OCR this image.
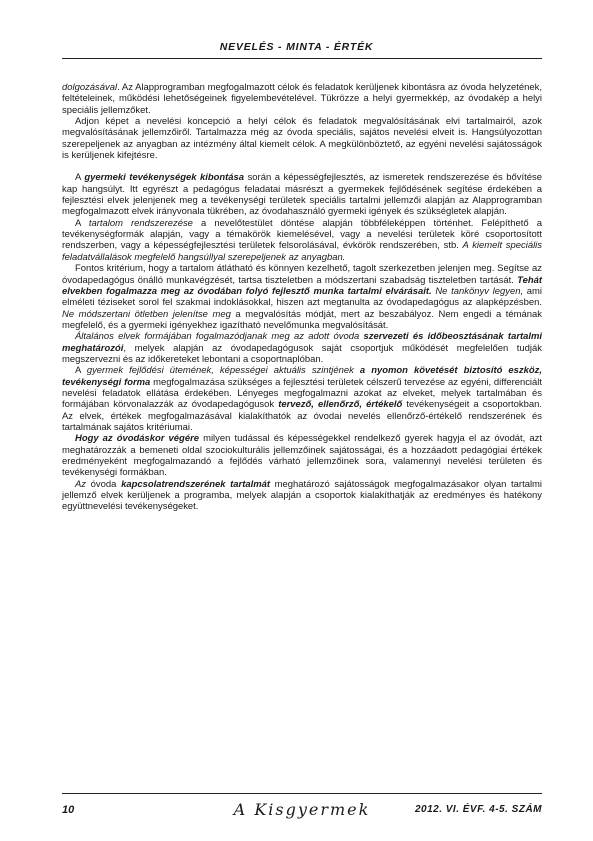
NEVELÉS - MINTA - ÉRTÉK

dolgozásával. Az Alapprogramban megfogalmazott célok és feladatok kerüljenek kibontásra az óvoda helyzetének, feltételeinek, működési lehetőségeinek figyelembevételével. Tükrözze a helyi gyermekkép, az óvodakép a helyi speciális jellemzőket.

Adjon képet a nevelési koncepció a helyi célok és feladatok megvalósításának elvi tartalmairól, azok megvalósításának jellemzőiről. Tartalmazza még az óvoda speciális, sajátos nevelési elveit is. Hangsúlyozottan szerepeljenek az anyagban az intézmény által kiemelt célok. A megkülönböztető, az egyéni nevelési sajátosságok is kerüljenek kifejtésre.

A gyermeki tevékenységek kibontása során a képességfejlesztés, az ismeretek rendszerezése és bővítése kap hangsúlyt. Itt egyrészt a pedagógus feladatai másrészt a gyermekek fejlődésének segítése érdekében a fejlesztési elvek jelenjenek meg a tevékenységi területek speciális tartalmi jellemzői alapján az Alapprogramban megfogalmazott elvek irányvonala tükrében, az óvodahasználó gyermeki igények és szükségletek alapján.

A tartalom rendszerezése a nevelőtestület döntése alapján többféleképpen történhet. Felépíthető a tevékenységformák alapján, vagy a témakörök kiemelésével, vagy a nevelési területek köré csoportosított rendszerben, vagy a képességfejlesztési területek felsorolásával, évkörök rendszerében, stb. A kiemelt speciális feladatvállalások megfelelő hangsúllyal szerepeljenek az anyagban.

Fontos kritérium, hogy a tartalom átlátható és könnyen kezelhető, tagolt szerkezetben jelenjen meg. Segítse az óvodapedagógus önálló munkavégzését, tartsa tiszteletben a módszertani szabadság tiszteletben tartását. Tehát elvekben fogalmazza meg az óvodában folyó fejlesztő munka tartalmi elvárásait. Ne tankönyv legyen, ami elméleti téziseket sorol fel szakmai indoklásokkal, hiszen azt megtanulta az óvodapedagógus az alapképzésben. Ne módszertani ötletben jelenítse meg a megvalósítás módját, mert az beszabályoz. Nem engedi a témának megfelelő, és a gyermeki igényekhez igazítható nevelőmunka megvalósítását.

Általános elvek formájában fogalmazódjanak meg az adott óvoda szervezeti és időbeosztásának tartalmi meghatározói, melyek alapján az óvodapedagógusok saját csoportjuk működését megfelelően tudják megszervezni és az időkereteket lebontani a csoportnaplóban.

A gyermek fejlődési ütemének, képességei aktuális szintjének a nyomon követését biztosító eszköz, tevékenységi forma megfogalmazása szükséges a fejlesztési területek célszerű tervezése az egyéni, differenciált nevelési feladatok ellátása érdekében. Lényeges megfogalmazni azokat az elveket, melyek tartalmában és formájában körvonalazzák az óvodapedagógusok tervező, ellenőrző, értékelő tevékenységeit a csoportokban. Az elvek, értékek megfogalmazásával kialakíthatók az óvodai nevelés ellenőrző-értékelő rendszerének és tartalmának sajátos kritériumai.

Hogy az óvodáskor végére milyen tudással és képességekkel rendelkező gyerek hagyja el az óvodát, azt meghatározzák a bemeneti oldal szociokulturális jellemzőinek sajátosságai, és a hozzáadott pedagógiai értékek eredményeként megfogalmazandó a fejlődés várható jellemzőinek sora, valamennyi nevelési területen és tevékenységi formákban.

Az óvoda kapcsolatrendszerének tartalmát meghatározó sajátosságok megfogalmazásakor olyan tartalmi jellemző elvek kerüljenek a programba, melyek alapján a csoportok kialakíthatják az eredményes és hatékony együttnevelési tevékenységeket.

10	A Kisgyermek	2012. VI. ÉVF. 4-5. SZÁM
